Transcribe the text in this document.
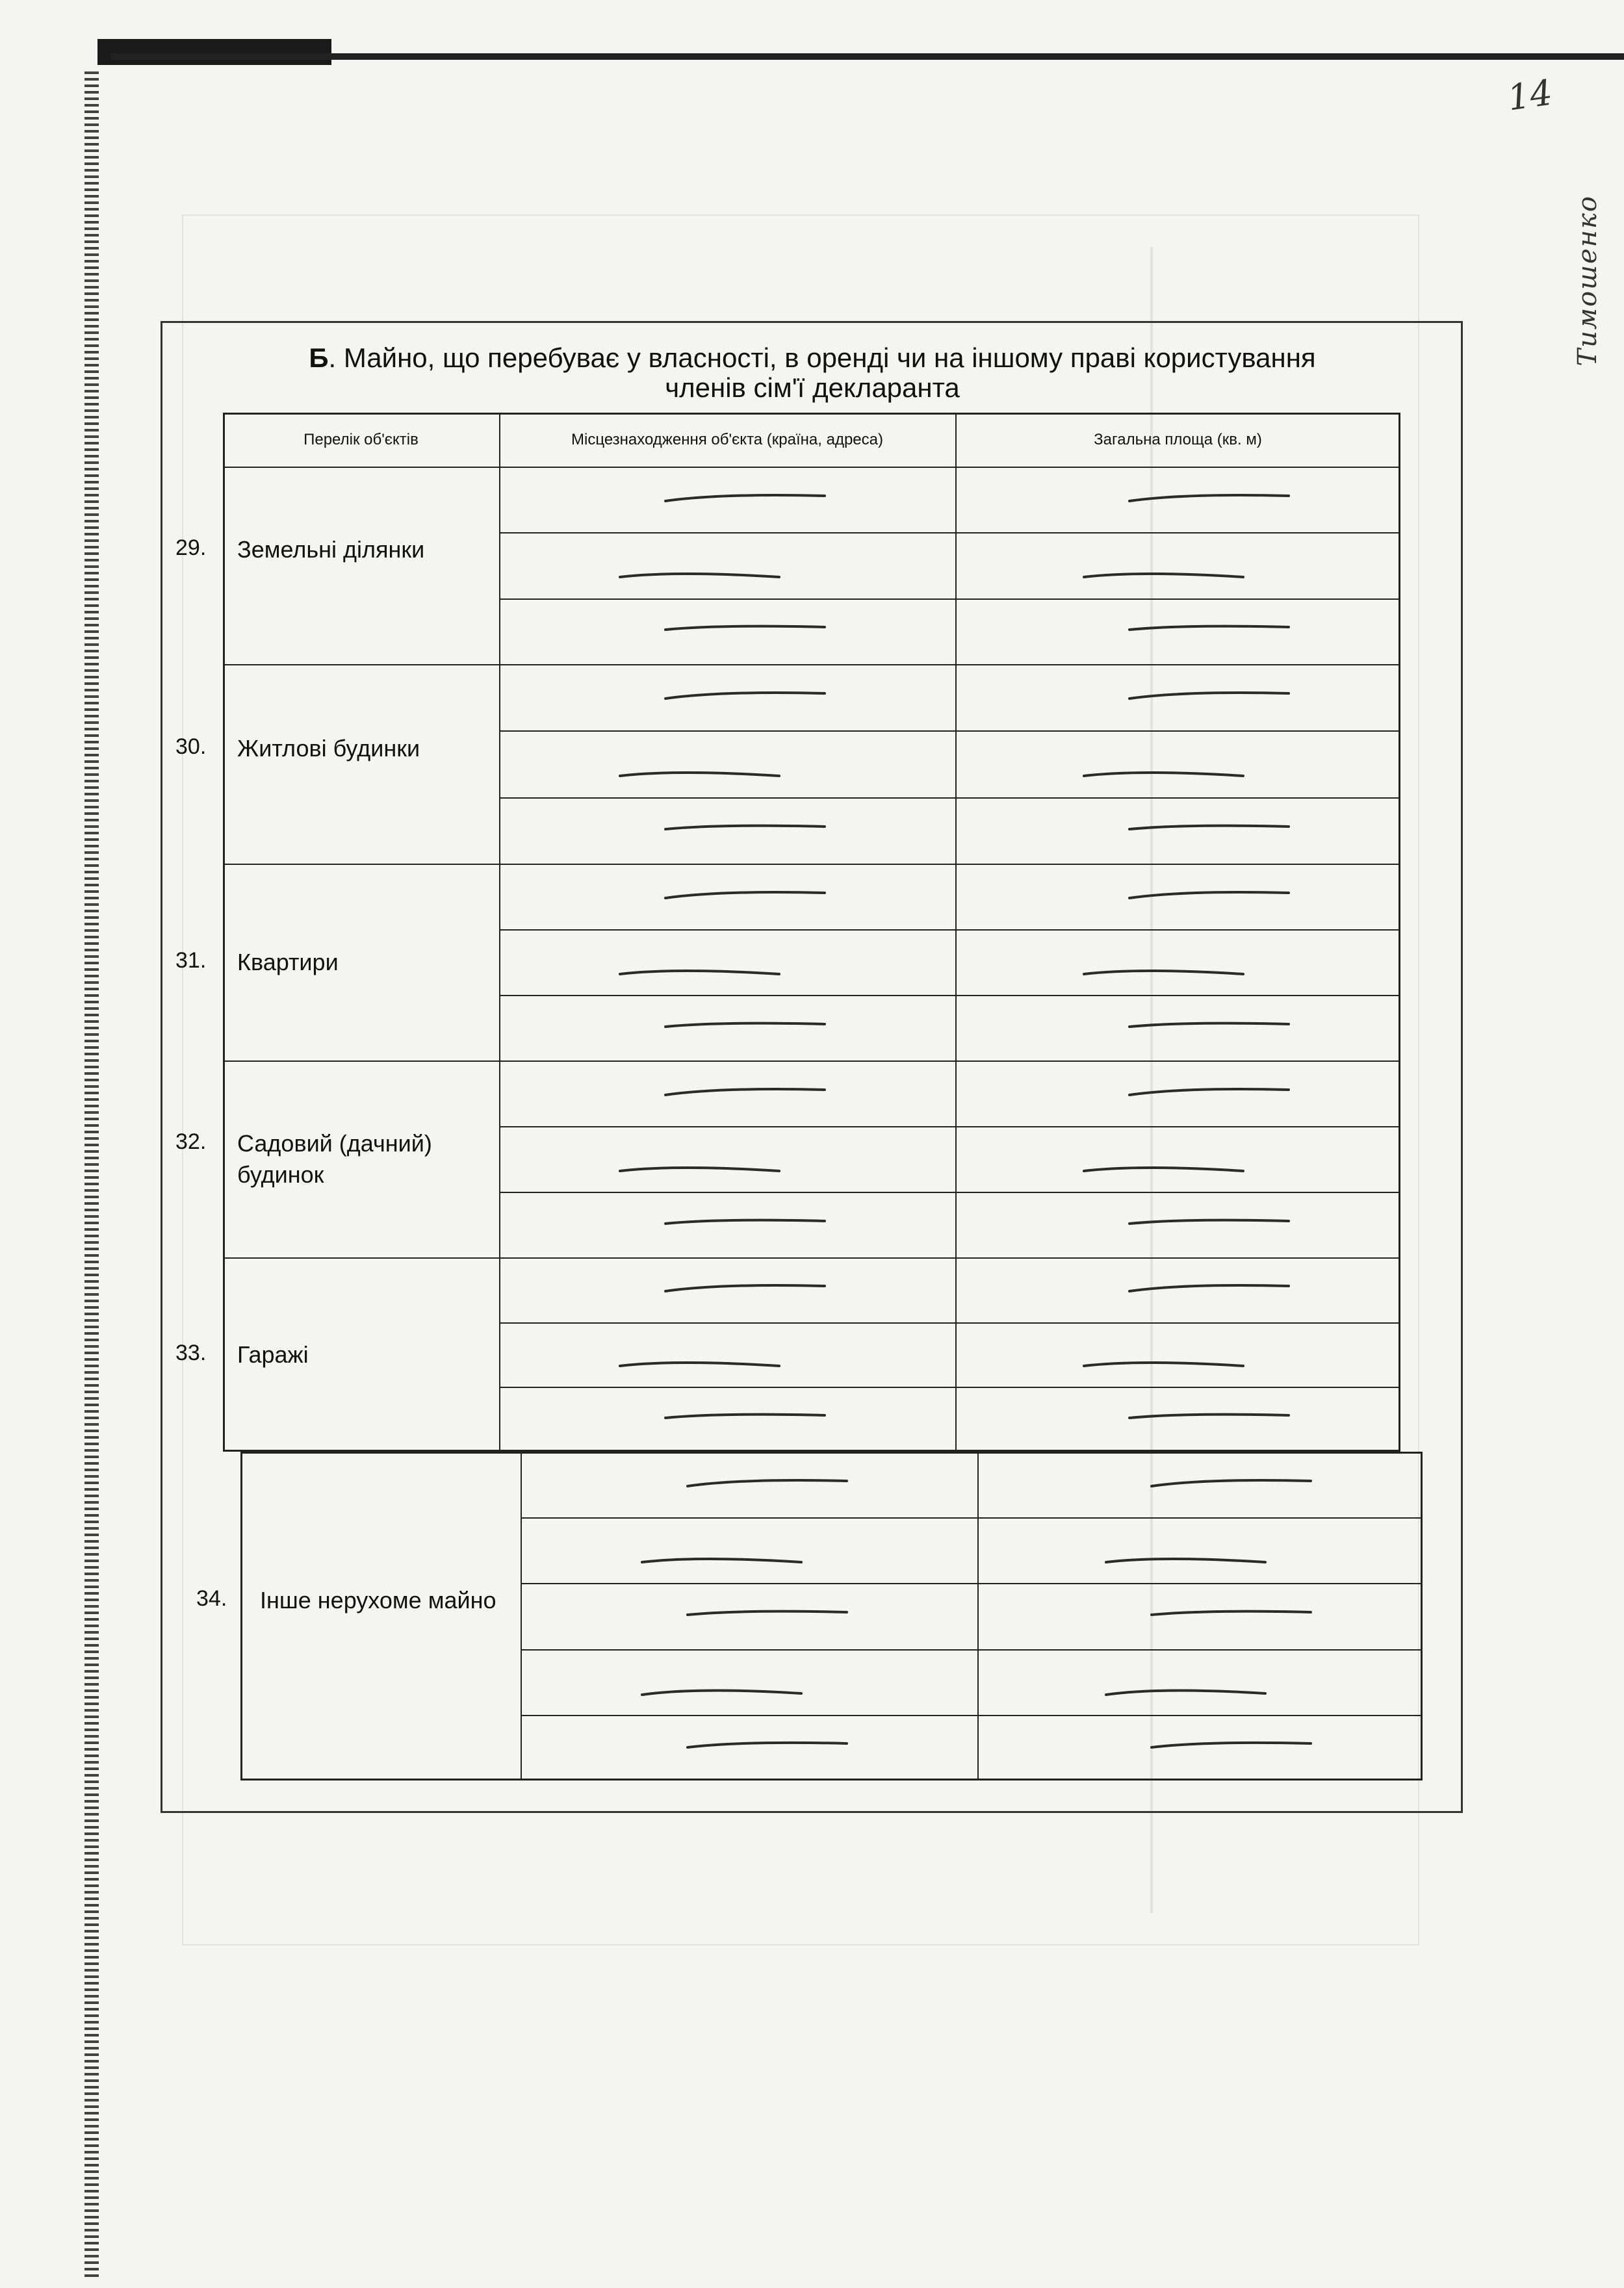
14
Тимошенко
Б. Майно, що перебуває у власності, в оренді чи на іншому праві користування
членів сім'ї декларанта
Перелік об'єктів	Місцезнаходження об'єкта (країна, адреса)	Загальна площа (кв. м)
29. Земельні ділянки
30. Житлові будинки
31. Квартири
32. Садовий (дачний) будинок
33. Гаражі
34. Інше нерухоме майно
